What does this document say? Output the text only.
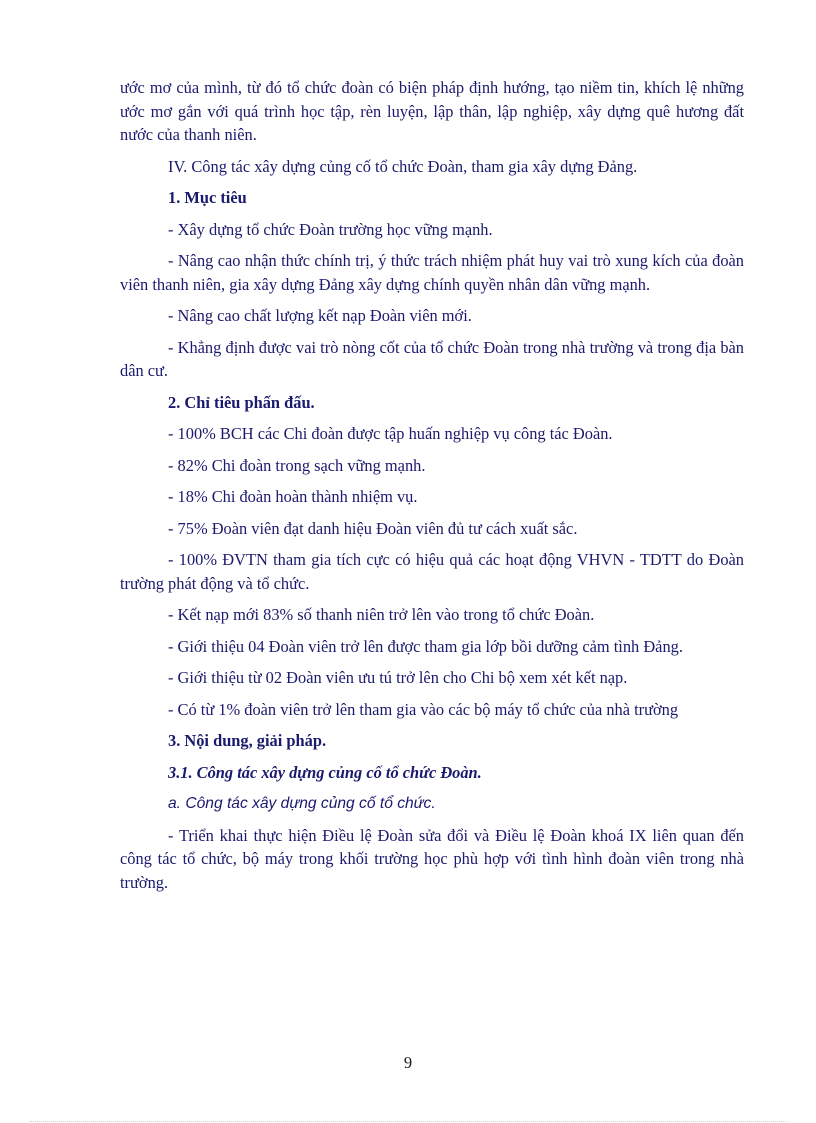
ước mơ của mình, từ đó tổ chức đoàn có biện pháp định hướng, tạo niềm tin, khích lệ những ước mơ gắn với quá trình học tập, rèn luyện, lập thân, lập nghiệp, xây dựng quê hương đất nước của thanh niên.

IV. Công tác xây dựng củng cố tổ chức Đoàn, tham gia xây dựng Đảng.

1. Mục tiêu

- Xây dựng tổ chức Đoàn trường học vững mạnh.

- Nâng cao nhận thức chính trị, ý thức trách nhiệm phát huy vai trò xung kích của đoàn viên thanh niên, gia xây dựng Đảng xây dựng chính quyền nhân dân vững mạnh.

- Nâng cao chất lượng kết nạp Đoàn viên mới.

- Khẳng định được vai trò nòng cốt của tổ chức Đoàn trong nhà trường và trong địa bàn dân cư.

2. Chỉ tiêu phấn đấu.

- 100% BCH các Chi đoàn được tập huấn nghiệp vụ công tác Đoàn.

- 82% Chi đoàn trong sạch vững mạnh.

- 18% Chi đoàn hoàn thành nhiệm vụ.

- 75% Đoàn viên đạt danh hiệu Đoàn viên đủ tư cách xuất sắc.

- 100% ĐVTN tham gia tích cực có hiệu quả các hoạt động VHVN - TDTT do Đoàn trường phát động và tổ chức.

- Kết nạp mới 83% số thanh niên trở lên vào trong tổ chức Đoàn.

- Giới thiệu 04 Đoàn viên trở lên được tham gia lớp bồi dưỡng cảm tình Đảng.

- Giới thiệu từ 02 Đoàn viên ưu tú trở lên cho Chi bộ xem xét kết nạp.

- Có từ 1% đoàn viên trở lên tham gia vào các bộ máy tổ chức của nhà trường

3. Nội dung, giải pháp.

3.1. Công tác xây dựng củng cố tổ chức Đoàn.

a. Công tác xây dựng củng cố tổ chức.

- Triển khai thực hiện Điều lệ Đoàn sửa đổi và Điều lệ Đoàn khoá IX liên quan đến công tác tổ chức, bộ máy trong khối trường học phù hợp với tình hình đoàn viên trong nhà trường.

9
